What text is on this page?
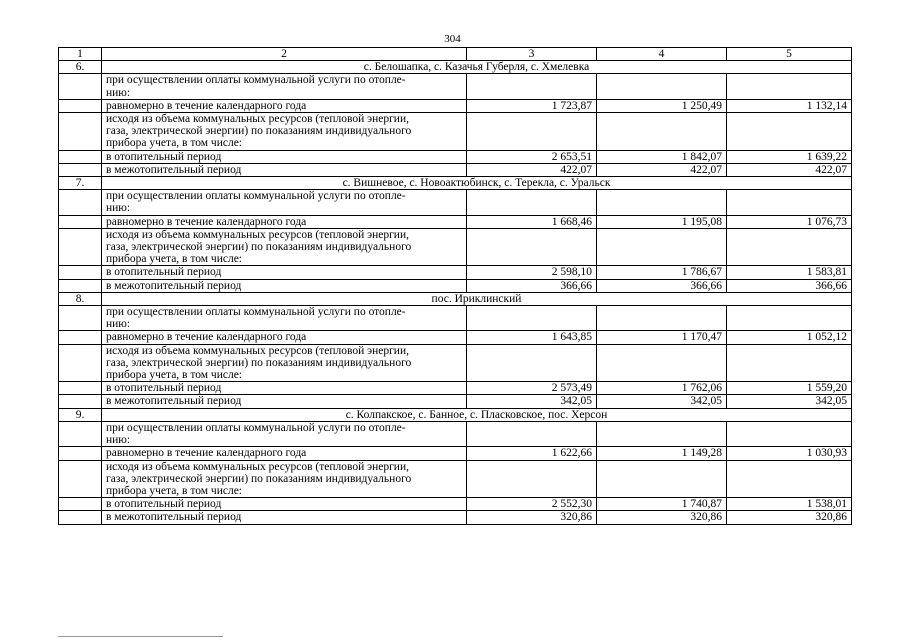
304
1	2	3	4	5
6.	с. Белошапка, с. Казачья Губерля, с. Хмелевка			
	при осуществлении оплаты коммунальной услуги по отопле-
нию:			
	равномерно в течение календарного года	1 723,87	1 250,49	1 132,14
	исходя из объема коммунальных ресурсов (тепловой энергии,
газа, электрической энергии) по показаниям индивидуального
прибора учета, в том числе:			
	в отопительный период	2 653,51	1 842,07	1 639,22
	в межотопительный период	422,07	422,07	422,07
7.	с. Вишневое, с. Новоактюбинск, с. Терекла, с. Уральск			
	при осуществлении оплаты коммунальной услуги по отопле-
нию:			
	равномерно в течение календарного года	1 668,46	1 195,08	1 076,73
	исходя из объема коммунальных ресурсов (тепловой энергии,
газа, электрической энергии) по показаниям индивидуального
прибора учета, в том числе:			
	в отопительный период	2 598,10	1 786,67	1 583,81
	в межотопительный период	366,66	366,66	366,66
8.	пос. Ириклинский			
	при осуществлении оплаты коммунальной услуги по отопле-
нию:			
	равномерно в течение календарного года	1 643,85	1 170,47	1 052,12
	исходя из объема коммунальных ресурсов (тепловой энергии,
газа, электрической энергии) по показаниям индивидуального
прибора учета, в том числе:			
	в отопительный период	2 573,49	1 762,06	1 559,20
	в межотопительный период	342,05	342,05	342,05
9.	с. Колпакское, с. Банное, с. Пласковское, пос. Херсон			
	при осуществлении оплаты коммунальной услуги по отопле-
нию:			
	равномерно в течение календарного года	1 622,66	1 149,28	1 030,93
	исходя из объема коммунальных ресурсов (тепловой энергии,
газа, электрической энергии) по показаниям индивидуального
прибора учета, в том числе:			
	в отопительный период	2 552,30	1 740,87	1 538,01
	в межотопительный период	320,86	320,86	320,86
